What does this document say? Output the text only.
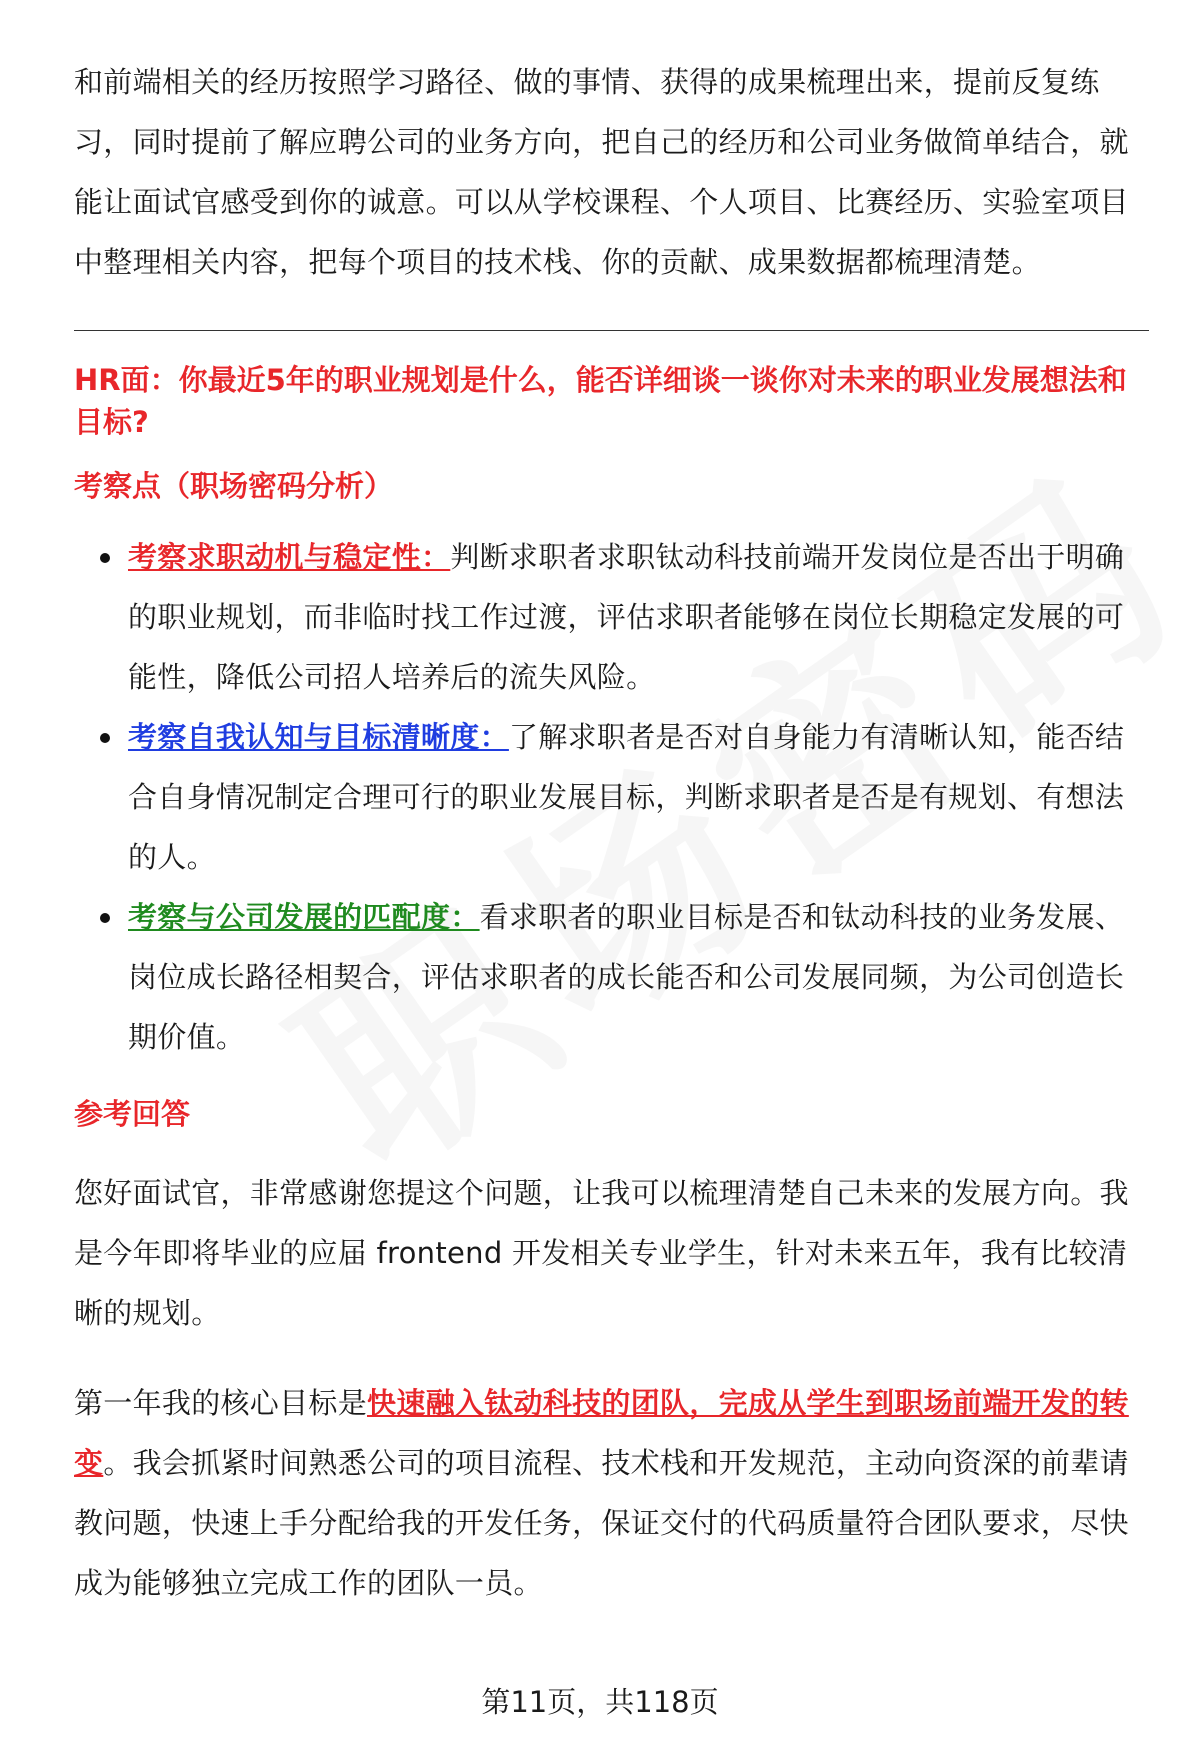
和前端相关的经历按照学习路径、做的事情、获得的成果梳理出来，提前反复练习，同时提前了解应聘公司的业务方向，把自己的经历和公司业务做简单结合，就能让面试官感受到你的诚意。可以从学校课程、个人项目、比赛经历、实验室项目中整理相关内容，把每个项目的技术栈、你的贡献、成果数据都梳理清楚。

HR面：你最近5年的职业规划是什么，能否详细谈一谈你对未来的职业发展想法和目标?
考察点（职场密码分析）
考察求职动机与稳定性：判断求职者求职钛动科技前端开发岗位是否出于明确的职业规划，而非临时找工作过渡，评估求职者能够在岗位长期稳定发展的可能性，降低公司招人培养后的流失风险。
考察自我认知与目标清晰度：了解求职者是否对自身能力有清晰认知，能否结合自身情况制定合理可行的职业发展目标，判断求职者是否是有规划、有想法的人。
考察与公司发展的匹配度：看求职者的职业目标是否和钛动科技的业务发展、岗位成长路径相契合，评估求职者的成长能否和公司发展同频，为公司创造长期价值。
参考回答

您好面试官，非常感谢您提这个问题，让我可以梳理清楚自己未来的发展方向。我是今年即将毕业的应届 frontend 开发相关专业学生，针对未来五年，我有比较清晰的规划。

第一年我的核心目标是快速融入钛动科技的团队，完成从学生到职场前端开发的转变。我会抓紧时间熟悉公司的项目流程、技术栈和开发规范，主动向资深的前辈请教问题，快速上手分配给我的开发任务，保证交付的代码质量符合团队要求，尽快成为能够独立完成工作的团队一员。

第11页，共118页
